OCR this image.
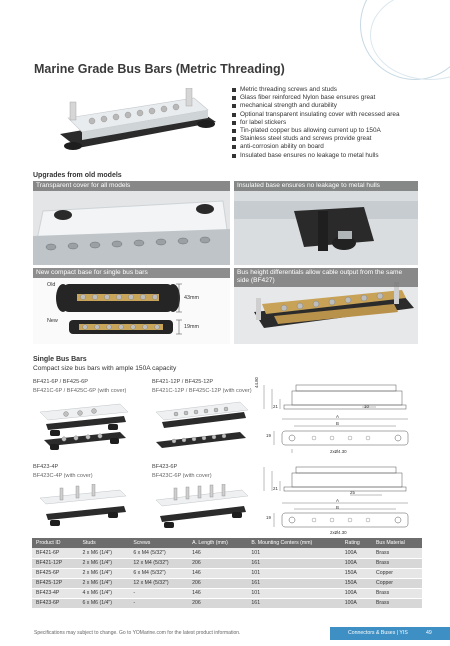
Marine Grade Bus Bars (Metric Threading)
Metric threading screws and studs
Glass fiber reinforced Nylon base ensures great
mechanical strength and durability
Optional transparent insulating cover with recessed area
for label stickers
Tin-plated copper bus allowing current up to 150A
Stainless steel studs and screws provide great
anti-corrosion ability on board
Insulated base ensures no leakage to metal hulls
Upgrades from old models
Transparent cover for all models	Insulated base ensures no leakage to metal hulls
New compact base for single bus bars
Old
New
43mm
19mm
Bus height differentials allow cable output from the same side (BF427)
Single Bus Bars
Compact size bus bars with ample 150A capacity
BF421-6P / BF425-6P
BF421C-6P / BF425C-6P (with cover)
BF421-12P / BF425-12P
BF421C-12P / BF425C-12P (with cover)
BF423-4P
BF423C-4P (with cover)
BF423-6P
BF423C-6P (with cover)
44.80
21	10
A
B
19
2xØ4.30
21
25
A
B
19
2xØ4.30
Product ID	Studs	Screws	A. Length (mm)	B. Mounting Centers (mm)	Rating	Bus Material
BF421-6P	2 x M6 (1/4")	6 x M4 (5/32")	146	101	100A	Brass
BF421-12P	2 x M6 (1/4")	12 x M4 (5/32")	206	161	100A	Brass
BF425-6P	2 x M6 (1/4")	6 x M4 (5/32")	146	101	150A	Copper
BF425-12P	2 x M6 (1/4")	12 x M4 (5/32")	206	161	150A	Copper
BF423-4P	4 x M6 (1/4")	-	146	101	100A	Brass
BF423-6P	6 x M6 (1/4")	-	206	161	100A	Brass
Specifications may subject to change. Go to YOMarine.com for the latest product information.	Connectors & Buses | YIS	49
